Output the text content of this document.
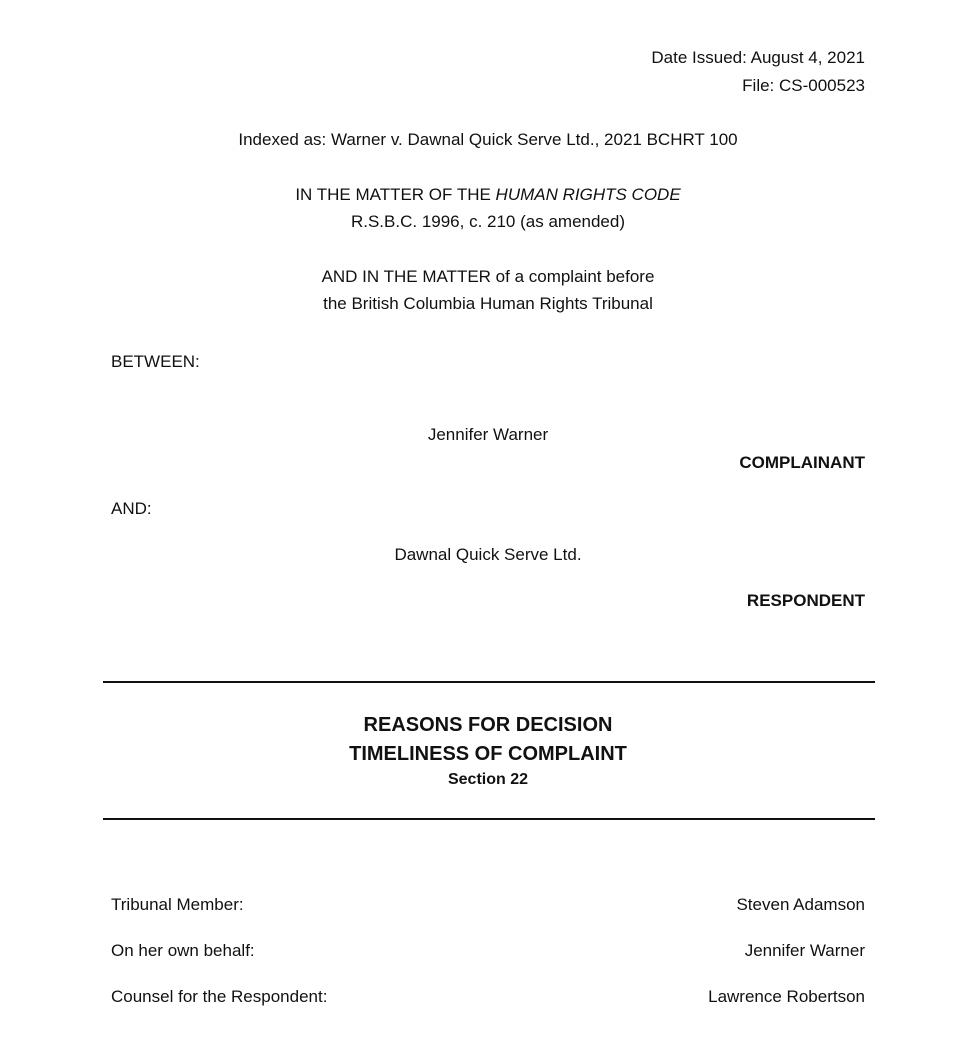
Date Issued: August 4, 2021
File: CS-000523
Indexed as: Warner v. Dawnal Quick Serve Ltd., 2021 BCHRT 100
IN THE MATTER OF THE HUMAN RIGHTS CODE
R.S.B.C. 1996, c. 210 (as amended)
AND IN THE MATTER of a complaint before
the British Columbia Human Rights Tribunal
BETWEEN:
Jennifer Warner
COMPLAINANT
AND:
Dawnal Quick Serve Ltd.
RESPONDENT
REASONS FOR DECISION
TIMELINESS OF COMPLAINT
Section 22
Tribunal Member:	Steven Adamson
On her own behalf:	Jennifer Warner
Counsel for the Respondent:	Lawrence Robertson
